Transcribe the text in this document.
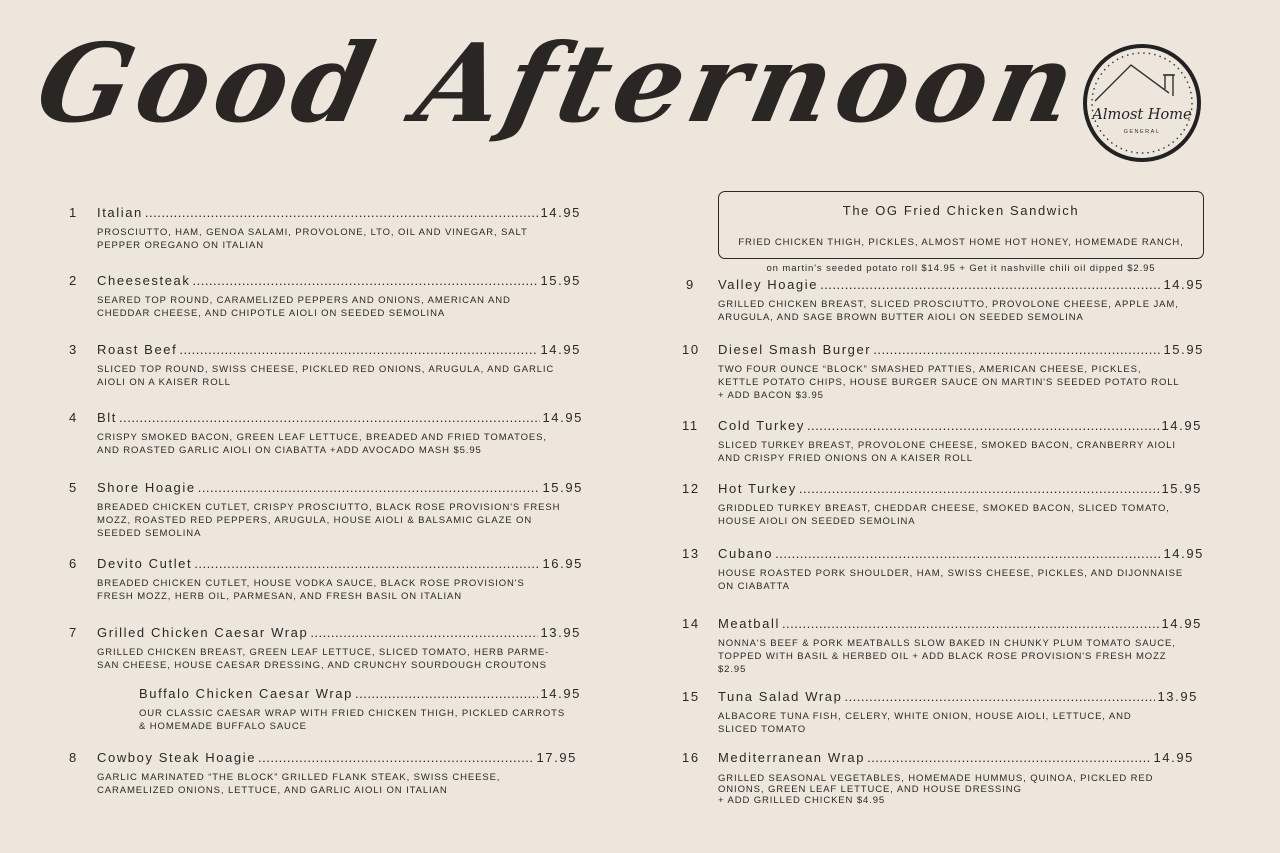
Good Afternoon Almost Home
GENERAL
The OG Fried Chicken Sandwich

FRIED CHICKEN THIGH, PICKLES, ALMOST HOME HOT HONEY, HOMEMADE RANCH,

on martin's seeded potato roll $14.95 + Get it nashville chili oil dipped $2.95

1	Italian .....	14.95
PROSCIUTTO, HAM, GENOA SALAMI, PROVOLONE, LTO, OIL AND VINEGAR, SALT
PEPPER OREGANO ON ITALIAN
2	Cheesesteak .....	15.95
SEARED TOP ROUND, CARAMELIZED PEPPERS AND ONIONS, AMERICAN AND
CHEDDAR CHEESE, AND CHIPOTLE AIOLI ON SEEDED SEMOLINA
3	Roast Beef .....	14.95
SLICED TOP ROUND, SWISS CHEESE, PICKLED RED ONIONS, ARUGULA, AND GARLIC
AIOLI ON A KAISER ROLL
4	Blt .....	14.95
CRISPY SMOKED BACON, GREEN LEAF LETTUCE, BREADED AND FRIED TOMATOES,
AND ROASTED GARLIC AIOLI ON CIABATTA +ADD AVOCADO MASH $5.95
5	Shore Hoagie .....	15.95
BREADED CHICKEN CUTLET, CRISPY PROSCIUTTO, BLACK ROSE PROVISION'S FRESH
MOZZ, ROASTED RED PEPPERS, ARUGULA, HOUSE AIOLI & BALSAMIC GLAZE ON
SEEDED SEMOLINA
6	Devito Cutlet .....	16.95
BREADED CHICKEN CUTLET, HOUSE VODKA SAUCE, BLACK ROSE PROVISION'S
FRESH MOZZ, HERB OIL, PARMESAN, AND FRESH BASIL ON ITALIAN
7	Grilled Chicken Caesar Wrap .....	13.95
GRILLED CHICKEN BREAST, GREEN LEAF LETTUCE, SLICED TOMATO, HERB PARME-
SAN CHEESE, HOUSE CAESAR DRESSING, AND CRUNCHY SOURDOUGH CROUTONS
Buffalo Chicken Caesar Wrap .....	14.95
OUR CLASSIC CAESAR WRAP WITH FRIED CHICKEN THIGH, PICKLED CARROTS
& HOMEMADE BUFFALO SAUCE
8	Cowboy Steak Hoagie .....	17.95
GARLIC MARINATED “THE BLOCK” GRILLED FLANK STEAK, SWISS CHEESE,
CARAMELIZED ONIONS, LETTUCE, AND GARLIC AIOLI ON ITALIAN
9	Valley Hoagie .....	14.95
GRILLED CHICKEN BREAST, SLICED PROSCIUTTO, PROVOLONE CHEESE, APPLE JAM,
ARUGULA, AND SAGE BROWN BUTTER AIOLI ON SEEDED SEMOLINA
10	Diesel Smash Burger .....	15.95
TWO FOUR OUNCE “BLOCK” SMASHED PATTIES, AMERICAN CHEESE, PICKLES,
KETTLE POTATO CHIPS, HOUSE BURGER SAUCE ON MARTIN'S SEEDED POTATO ROLL
+ ADD BACON $3.95
11	Cold Turkey .....	14.95
SLICED TURKEY BREAST, PROVOLONE CHEESE, SMOKED BACON, CRANBERRY AIOLI
AND CRISPY FRIED ONIONS ON A KAISER ROLL
12	Hot Turkey .....	15.95
GRIDDLED TURKEY BREAST, CHEDDAR CHEESE, SMOKED BACON, SLICED TOMATO,
HOUSE AIOLI ON SEEDED SEMOLINA
13	Cubano .....	14.95
HOUSE ROASTED PORK SHOULDER, HAM, SWISS CHEESE, PICKLES, AND DIJONNAISE
ON CIABATTA
14	Meatball .....	14.95
NONNA'S BEEF & PORK MEATBALLS SLOW BAKED IN CHUNKY PLUM TOMATO SAUCE,
TOPPED WITH BASIL & HERBED OIL + ADD BLACK ROSE PROVISION'S FRESH MOZZ
$2.95
15	Tuna Salad Wrap .....	13.95
ALBACORE TUNA FISH, CELERY, WHITE ONION, HOUSE AIOLI, LETTUCE, AND
SLICED TOMATO
16	Mediterranean Wrap .....	14.95
GRILLED SEASONAL VEGETABLES, HOMEMADE HUMMUS, QUINOA, PICKLED RED
ONIONS, GREEN LEAF LETTUCE, AND HOUSE DRESSING
+ ADD GRILLED CHICKEN $4.95
